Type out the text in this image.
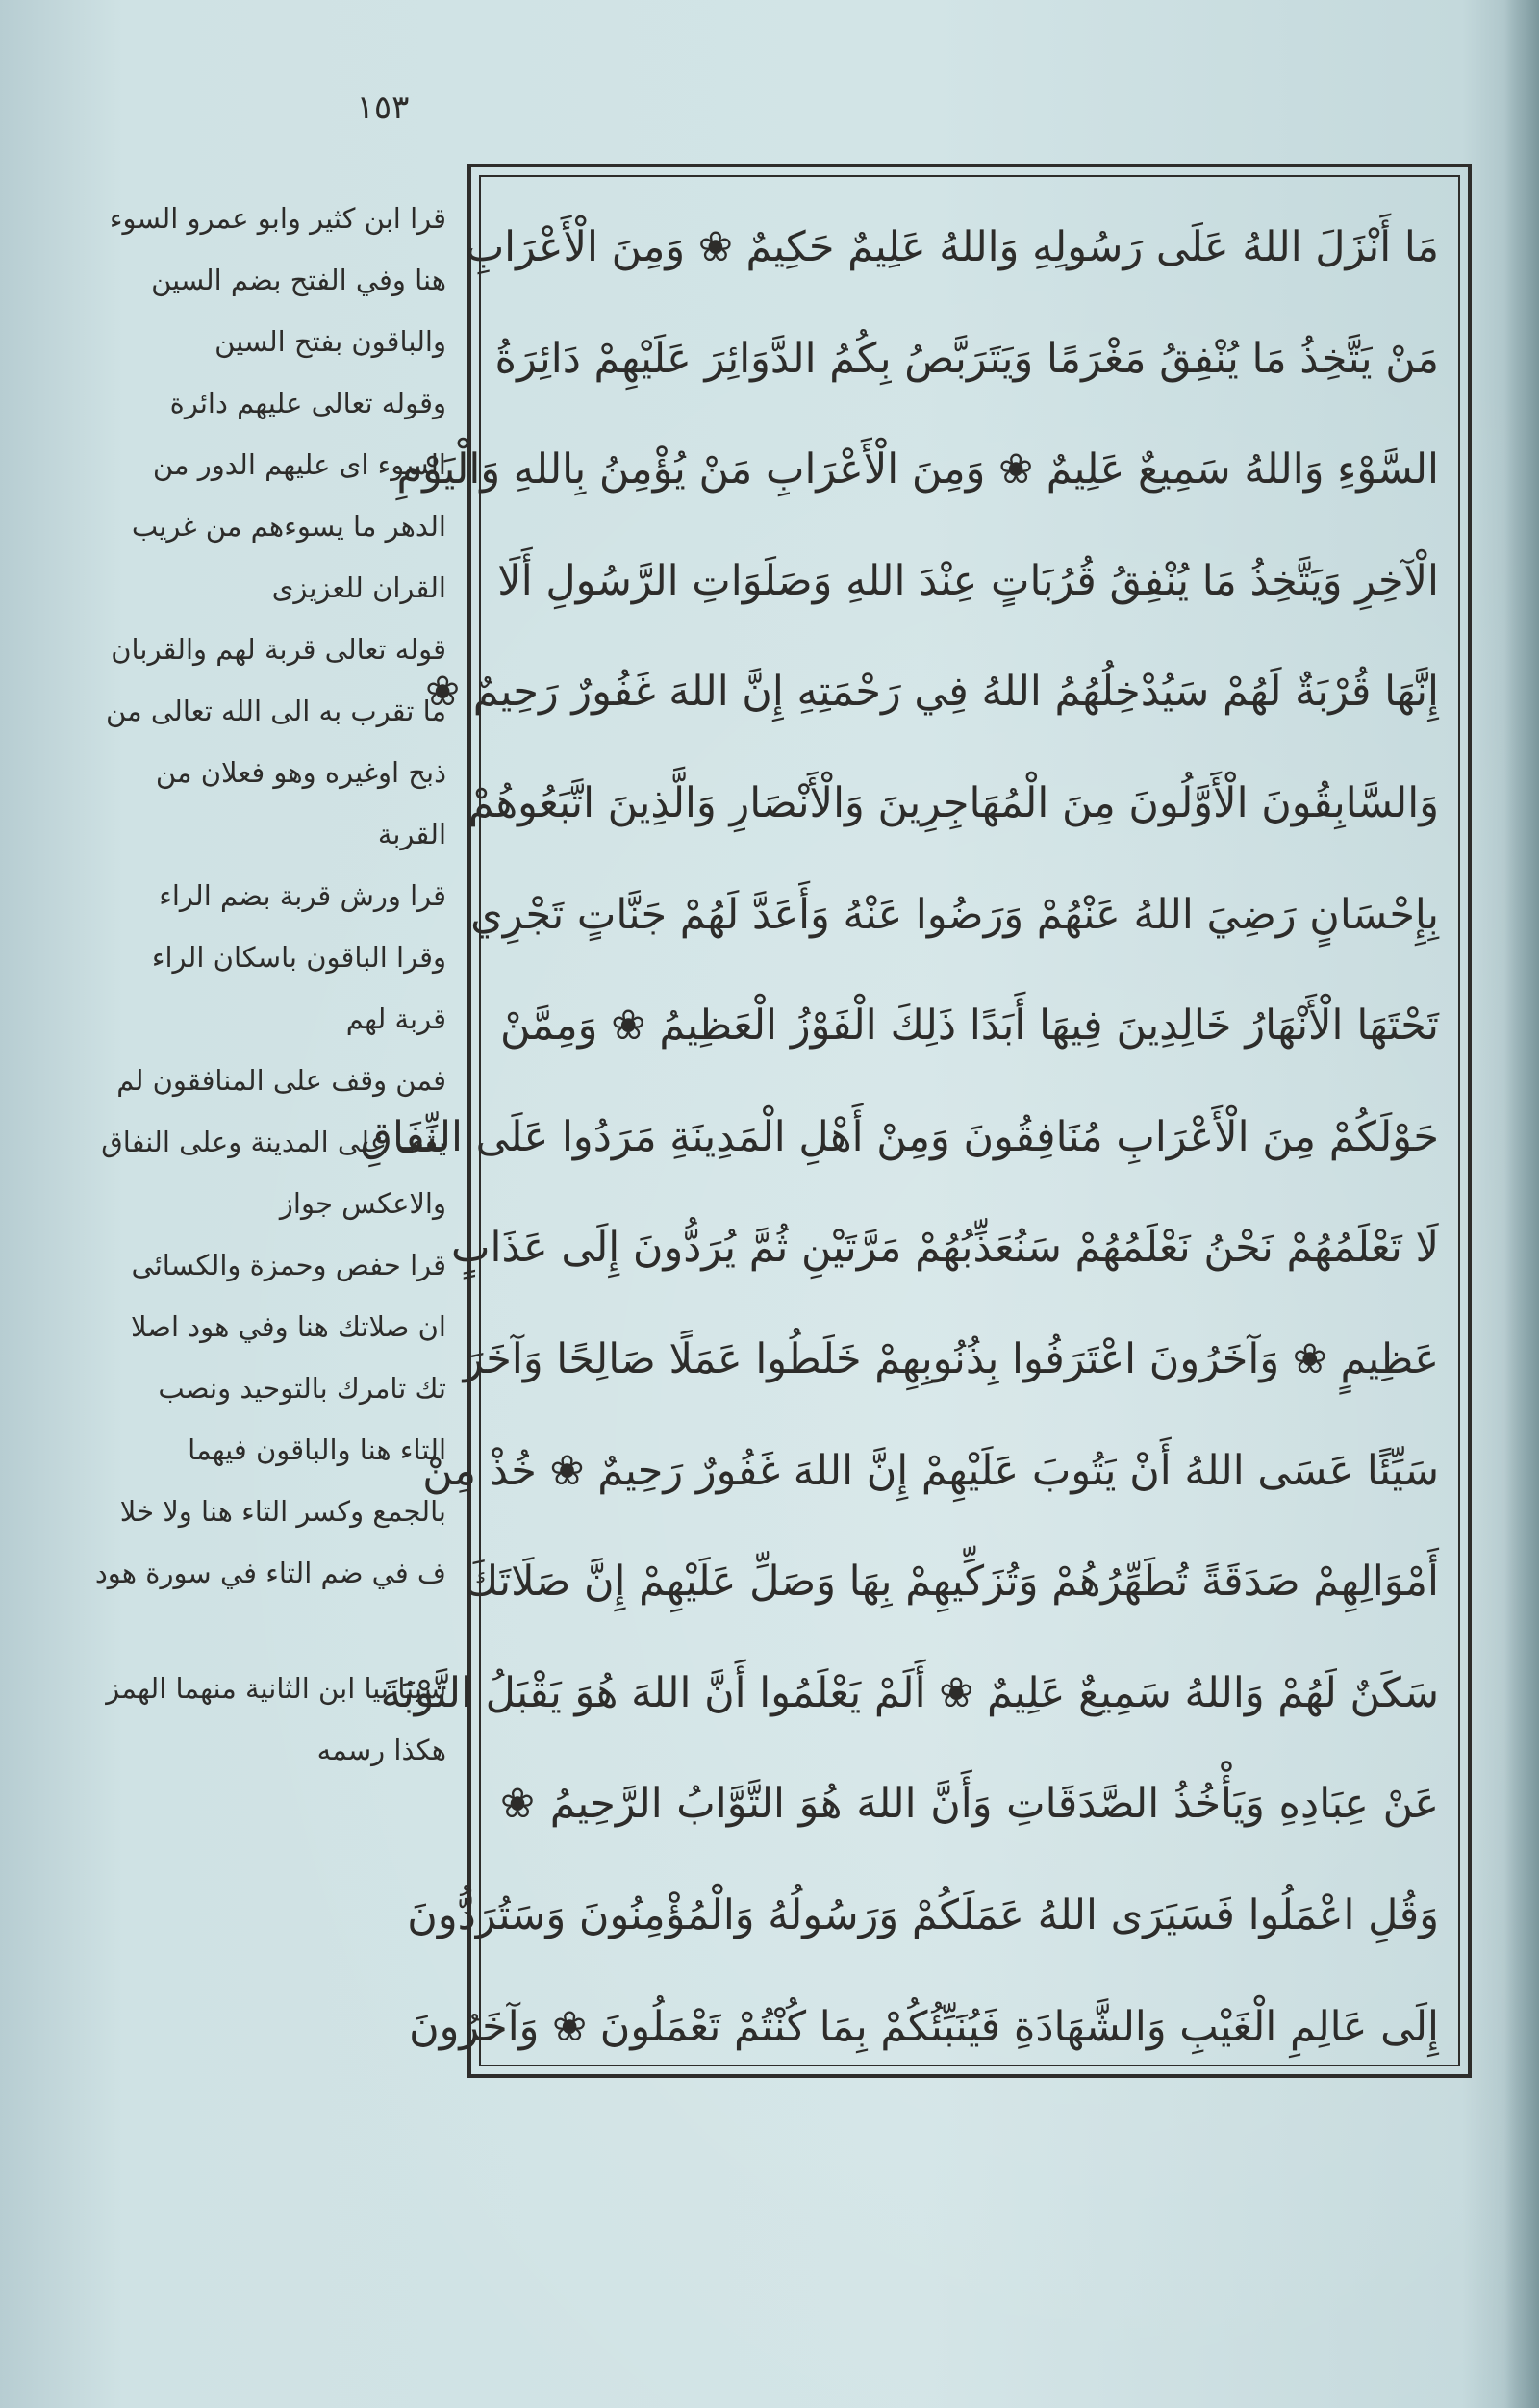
١٥٣
مَا أَنْزَلَ اللهُ عَلَى رَسُولِهِ وَاللهُ عَلِيمٌ حَكِيمٌ ❀ وَمِنَ الْأَعْرَابِ
مَنْ يَتَّخِذُ مَا يُنْفِقُ مَغْرَمًا وَيَتَرَبَّصُ بِكُمُ الدَّوَائِرَ عَلَيْهِمْ دَائِرَةُ
السَّوْءِ وَاللهُ سَمِيعٌ عَلِيمٌ ❀ وَمِنَ الْأَعْرَابِ مَنْ يُؤْمِنُ بِاللهِ وَالْيَوْمِ
الْآخِرِ وَيَتَّخِذُ مَا يُنْفِقُ قُرُبَاتٍ عِنْدَ اللهِ وَصَلَوَاتِ الرَّسُولِ أَلَا
إِنَّهَا قُرْبَةٌ لَهُمْ سَيُدْخِلُهُمُ اللهُ فِي رَحْمَتِهِ إِنَّ اللهَ غَفُورٌ رَحِيمٌ ❀
وَالسَّابِقُونَ الْأَوَّلُونَ مِنَ الْمُهَاجِرِينَ وَالْأَنْصَارِ وَالَّذِينَ اتَّبَعُوهُمْ
بِإِحْسَانٍ رَضِيَ اللهُ عَنْهُمْ وَرَضُوا عَنْهُ وَأَعَدَّ لَهُمْ جَنَّاتٍ تَجْرِي
تَحْتَهَا الْأَنْهَارُ خَالِدِينَ فِيهَا أَبَدًا ذَلِكَ الْفَوْزُ الْعَظِيمُ ❀ وَمِمَّنْ
حَوْلَكُمْ مِنَ الْأَعْرَابِ مُنَافِقُونَ وَمِنْ أَهْلِ الْمَدِينَةِ مَرَدُوا عَلَى النِّفَاقِ
لَا تَعْلَمُهُمْ نَحْنُ نَعْلَمُهُمْ سَنُعَذِّبُهُمْ مَرَّتَيْنِ ثُمَّ يُرَدُّونَ إِلَى عَذَابٍ
عَظِيمٍ ❀ وَآخَرُونَ اعْتَرَفُوا بِذُنُوبِهِمْ خَلَطُوا عَمَلًا صَالِحًا وَآخَرَ
سَيِّئًا عَسَى اللهُ أَنْ يَتُوبَ عَلَيْهِمْ إِنَّ اللهَ غَفُورٌ رَحِيمٌ ❀ خُذْ مِنْ
أَمْوَالِهِمْ صَدَقَةً تُطَهِّرُهُمْ وَتُزَكِّيهِمْ بِهَا وَصَلِّ عَلَيْهِمْ إِنَّ صَلَاتَكَ
سَكَنٌ لَهُمْ وَاللهُ سَمِيعٌ عَلِيمٌ ❀ أَلَمْ يَعْلَمُوا أَنَّ اللهَ هُوَ يَقْبَلُ التَّوْبَةَ
عَنْ عِبَادِهِ وَيَأْخُذُ الصَّدَقَاتِ وَأَنَّ اللهَ هُوَ التَّوَّابُ الرَّحِيمُ ❀
وَقُلِ اعْمَلُوا فَسَيَرَى اللهُ عَمَلَكُمْ وَرَسُولُهُ وَالْمُؤْمِنُونَ وَسَتُرَدُّونَ
إِلَى عَالِمِ الْغَيْبِ وَالشَّهَادَةِ فَيُنَبِّئُكُمْ بِمَا كُنْتُمْ تَعْمَلُونَ ❀ وَآخَرُونَ
قرا ابن كثير وابو عمرو السوء
هنا وفي الفتح بضم السين
والباقون بفتح السين
وقوله تعالى عليهم دائرة
السوء اى عليهم الدور من
الدهر ما يسوءهم من غريب
القران للعزيزى
قوله تعالى قربة لهم والقربان
ما تقرب به الى الله تعالى من
ذبح اوغيره وهو فعلان من
القربة
قرا ورش قربة بضم الراء
وقرا الباقون باسكان الراء
قربة لهم
فمن وقف على المنافقون لم
يقف على المدينة وعلى النفاق
والاعكس جواز
قرا حفص وحمزة والكسائى
ان صلاتك هنا وفي هود اصلا
تك تامرك بالتوحيد ونصب
التاء هنا والباقون فيهما
بالجمع وكسر التاء هنا ولا خلا
ف في ضم التاء في سورة هود
سيئا بيا ابن الثانية منهما الهمز
هكذا رسمه
